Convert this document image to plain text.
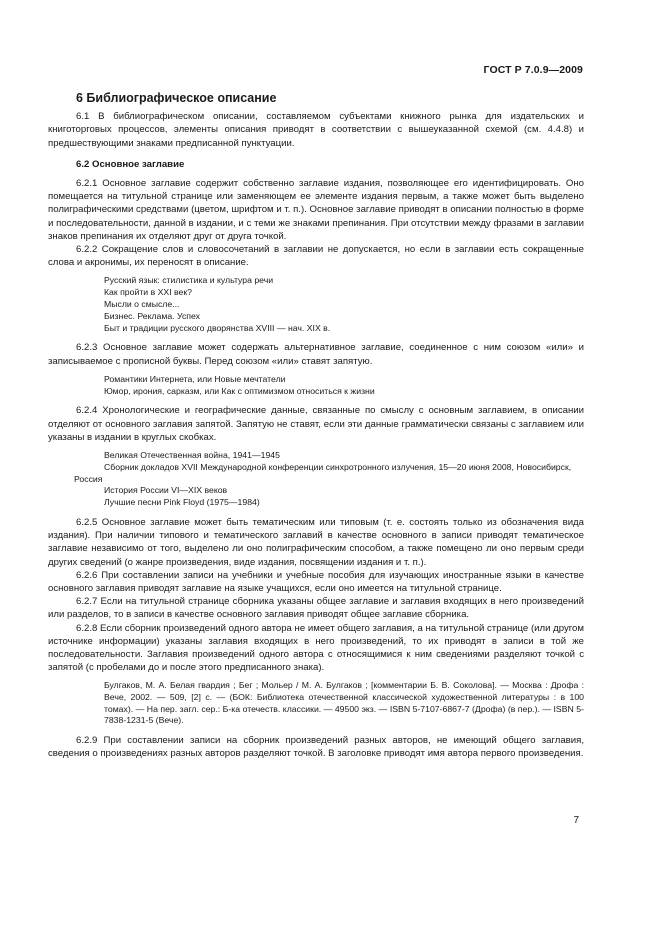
ГОСТ Р 7.0.9—2009
6 Библиографическое описание

6.1 В библиографическом описании, составляемом субъектами книжного рынка для издательских и книготорговых процессов, элементы описания приводят в соответствии с вышеуказанной схемой (см. 4.4.8) и предшествующими знаками предписанной пунктуации.

6.2 Основное заглавие

6.2.1 Основное заглавие содержит собственно заглавие издания, позволяющее его идентифицировать. Оно помещается на титульной странице или заменяющем ее элементе издания первым, а также может быть выделено полиграфическими средствами (цветом, шрифтом и т. п.). Основное заглавие приводят в описании полностью в форме и последовательности, данной в издании, и с теми же знаками препинания. При отсутствии между фразами в заглавии знаков препинания их отделяют друг от друга точкой.

6.2.2 Сокращение слов и словосочетаний в заглавии не допускается, но если в заглавии есть сокращенные слова и акронимы, их переносят в описание.

Русский язык: стилистика и культура речи
Как пройти в XXI век?
Мысли о смысле...
Бизнес. Реклама. Успех
Быт и традиции русского дворянства XVIII — нач. XIX в.

6.2.3 Основное заглавие может содержать альтернативное заглавие, соединенное с ним союзом «или» и записываемое с прописной буквы. Перед союзом «или» ставят запятую.

Романтики Интернета, или Новые мечтатели
Юмор, ирония, сарказм, или Как с оптимизмом относиться к жизни

6.2.4 Хронологические и географические данные, связанные по смыслу с основным заглавием, в описании отделяют от основного заглавия запятой. Запятую не ставят, если эти данные грамматически связаны с заглавием или указаны в издании в круглых скобках.

Великая Отечественная война, 1941—1945
Сборник докладов XVII Международной конференции синхротронного излучения, 15—20 июня 2008, Новосибирск, Россия
История России VI—XIX веков
Лучшие песни Pink Floyd (1975—1984)

6.2.5 Основное заглавие может быть тематическим или типовым (т. е. состоять только из обозначения вида издания). При наличии типового и тематического заглавий в качестве основного в записи приводят тематическое заглавие независимо от того, выделено ли оно полиграфическим способом, а также помещено ли оно первым среди других сведений (о жанре произведения, виде издания, посвящении издания и т. п.).

6.2.6 При составлении записи на учебники и учебные пособия для изучающих иностранные языки в качестве основного заглавия приводят заглавие на языке учащихся, если оно имеется на титульной странице.

6.2.7 Если на титульной странице сборника указаны общее заглавие и заглавия входящих в него произведений или разделов, то в записи в качестве основного заглавия приводят общее заглавие сборника.

6.2.8 Если сборник произведений одного автора не имеет общего заглавия, а на титульной странице (или другом источнике информации) указаны заглавия входящих в него произведений, то их приводят в записи в той же последовательности. Заглавия произведений одного автора с относящимися к ним сведениями разделяют точкой с запятой (с пробелами до и после этого предписанного знака).

Булгаков, М. А. Белая гвардия ; Бег ; Мольер / М. А. Булгаков ; [комментарии Б. В. Соколова]. — Москва : Дрофа : Вече, 2002. — 509, [2] с. — (БОК: Библиотека отечественной классической художественной литературы : в 100 томах). — На пер. загл. сер.: Б-ка отечеств. классики. — 49500 экз. — ISBN 5-7107-6867-7 (Дрофа) (в пер.). — ISBN 5-7838-1231-5 (Вече).

6.2.9 При составлении записи на сборник произведений разных авторов, не имеющий общего заглавия, сведения о произведениях разных авторов разделяют точкой. В заголовке приводят имя автора первого произведения.

7
